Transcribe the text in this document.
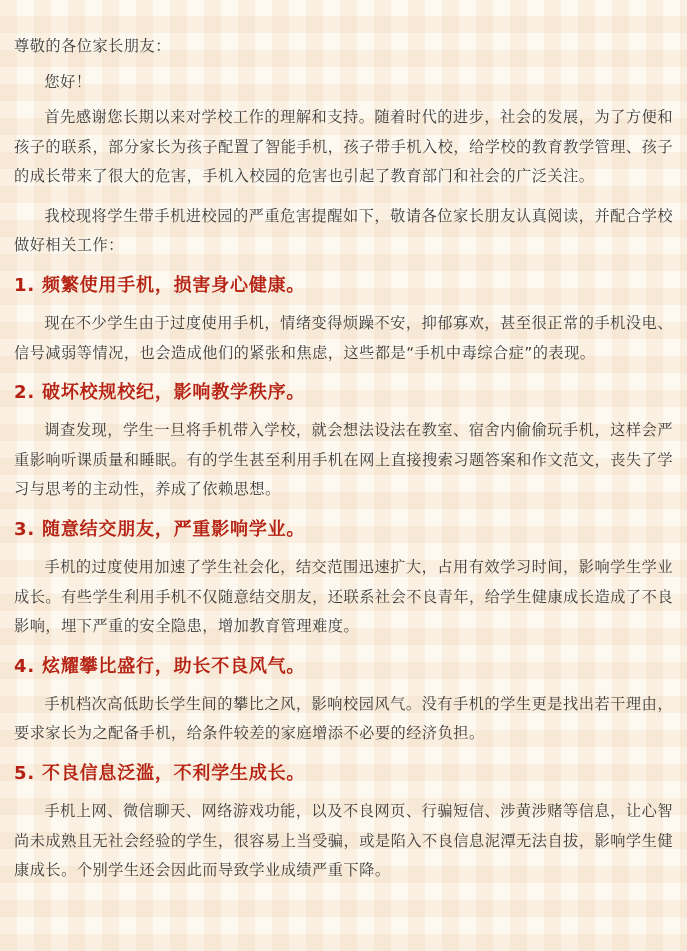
尊敬的各位家长朋友：

您好！

首先感谢您长期以来对学校工作的理解和支持。随着时代的进步，社会的发展，为了方便和孩子的联系，部分家长为孩子配置了智能手机，孩子带手机入校，给学校的教育教学管理、孩子的成长带来了很大的危害，手机入校园的危害也引起了教育部门和社会的广泛关注。

我校现将学生带手机进校园的严重危害提醒如下，敬请各位家长朋友认真阅读，并配合学校做好相关工作：

1. 频繁使用手机，损害身心健康。

现在不少学生由于过度使用手机，情绪变得烦躁不安，抑郁寡欢，甚至很正常的手机没电、信号减弱等情况，也会造成他们的紧张和焦虑，这些都是“手机中毒综合症”的表现。

2. 破坏校规校纪，影响教学秩序。

调查发现，学生一旦将手机带入学校，就会想法设法在教室、宿舍内偷偷玩手机，这样会严重影响听课质量和睡眠。有的学生甚至利用手机在网上直接搜索习题答案和作文范文，丧失了学习与思考的主动性，养成了依赖思想。

3. 随意结交朋友，严重影响学业。

手机的过度使用加速了学生社会化，结交范围迅速扩大，占用有效学习时间，影响学生学业成长。有些学生利用手机不仅随意结交朋友，还联系社会不良青年，给学生健康成长造成了不良影响，埋下严重的安全隐患，增加教育管理难度。

4. 炫耀攀比盛行，助长不良风气。

手机档次高低助长学生间的攀比之风，影响校园风气。没有手机的学生更是找出若干理由，要求家长为之配备手机，给条件较差的家庭增添不必要的经济负担。

5. 不良信息泛滥，不利学生成长。

手机上网、微信聊天、网络游戏功能，以及不良网页、行骗短信、涉黄涉赌等信息，让心智尚未成熟且无社会经验的学生，很容易上当受骗，或是陷入不良信息泥潭无法自拔，影响学生健康成长。个别学生还会因此而导致学业成绩严重下降。
